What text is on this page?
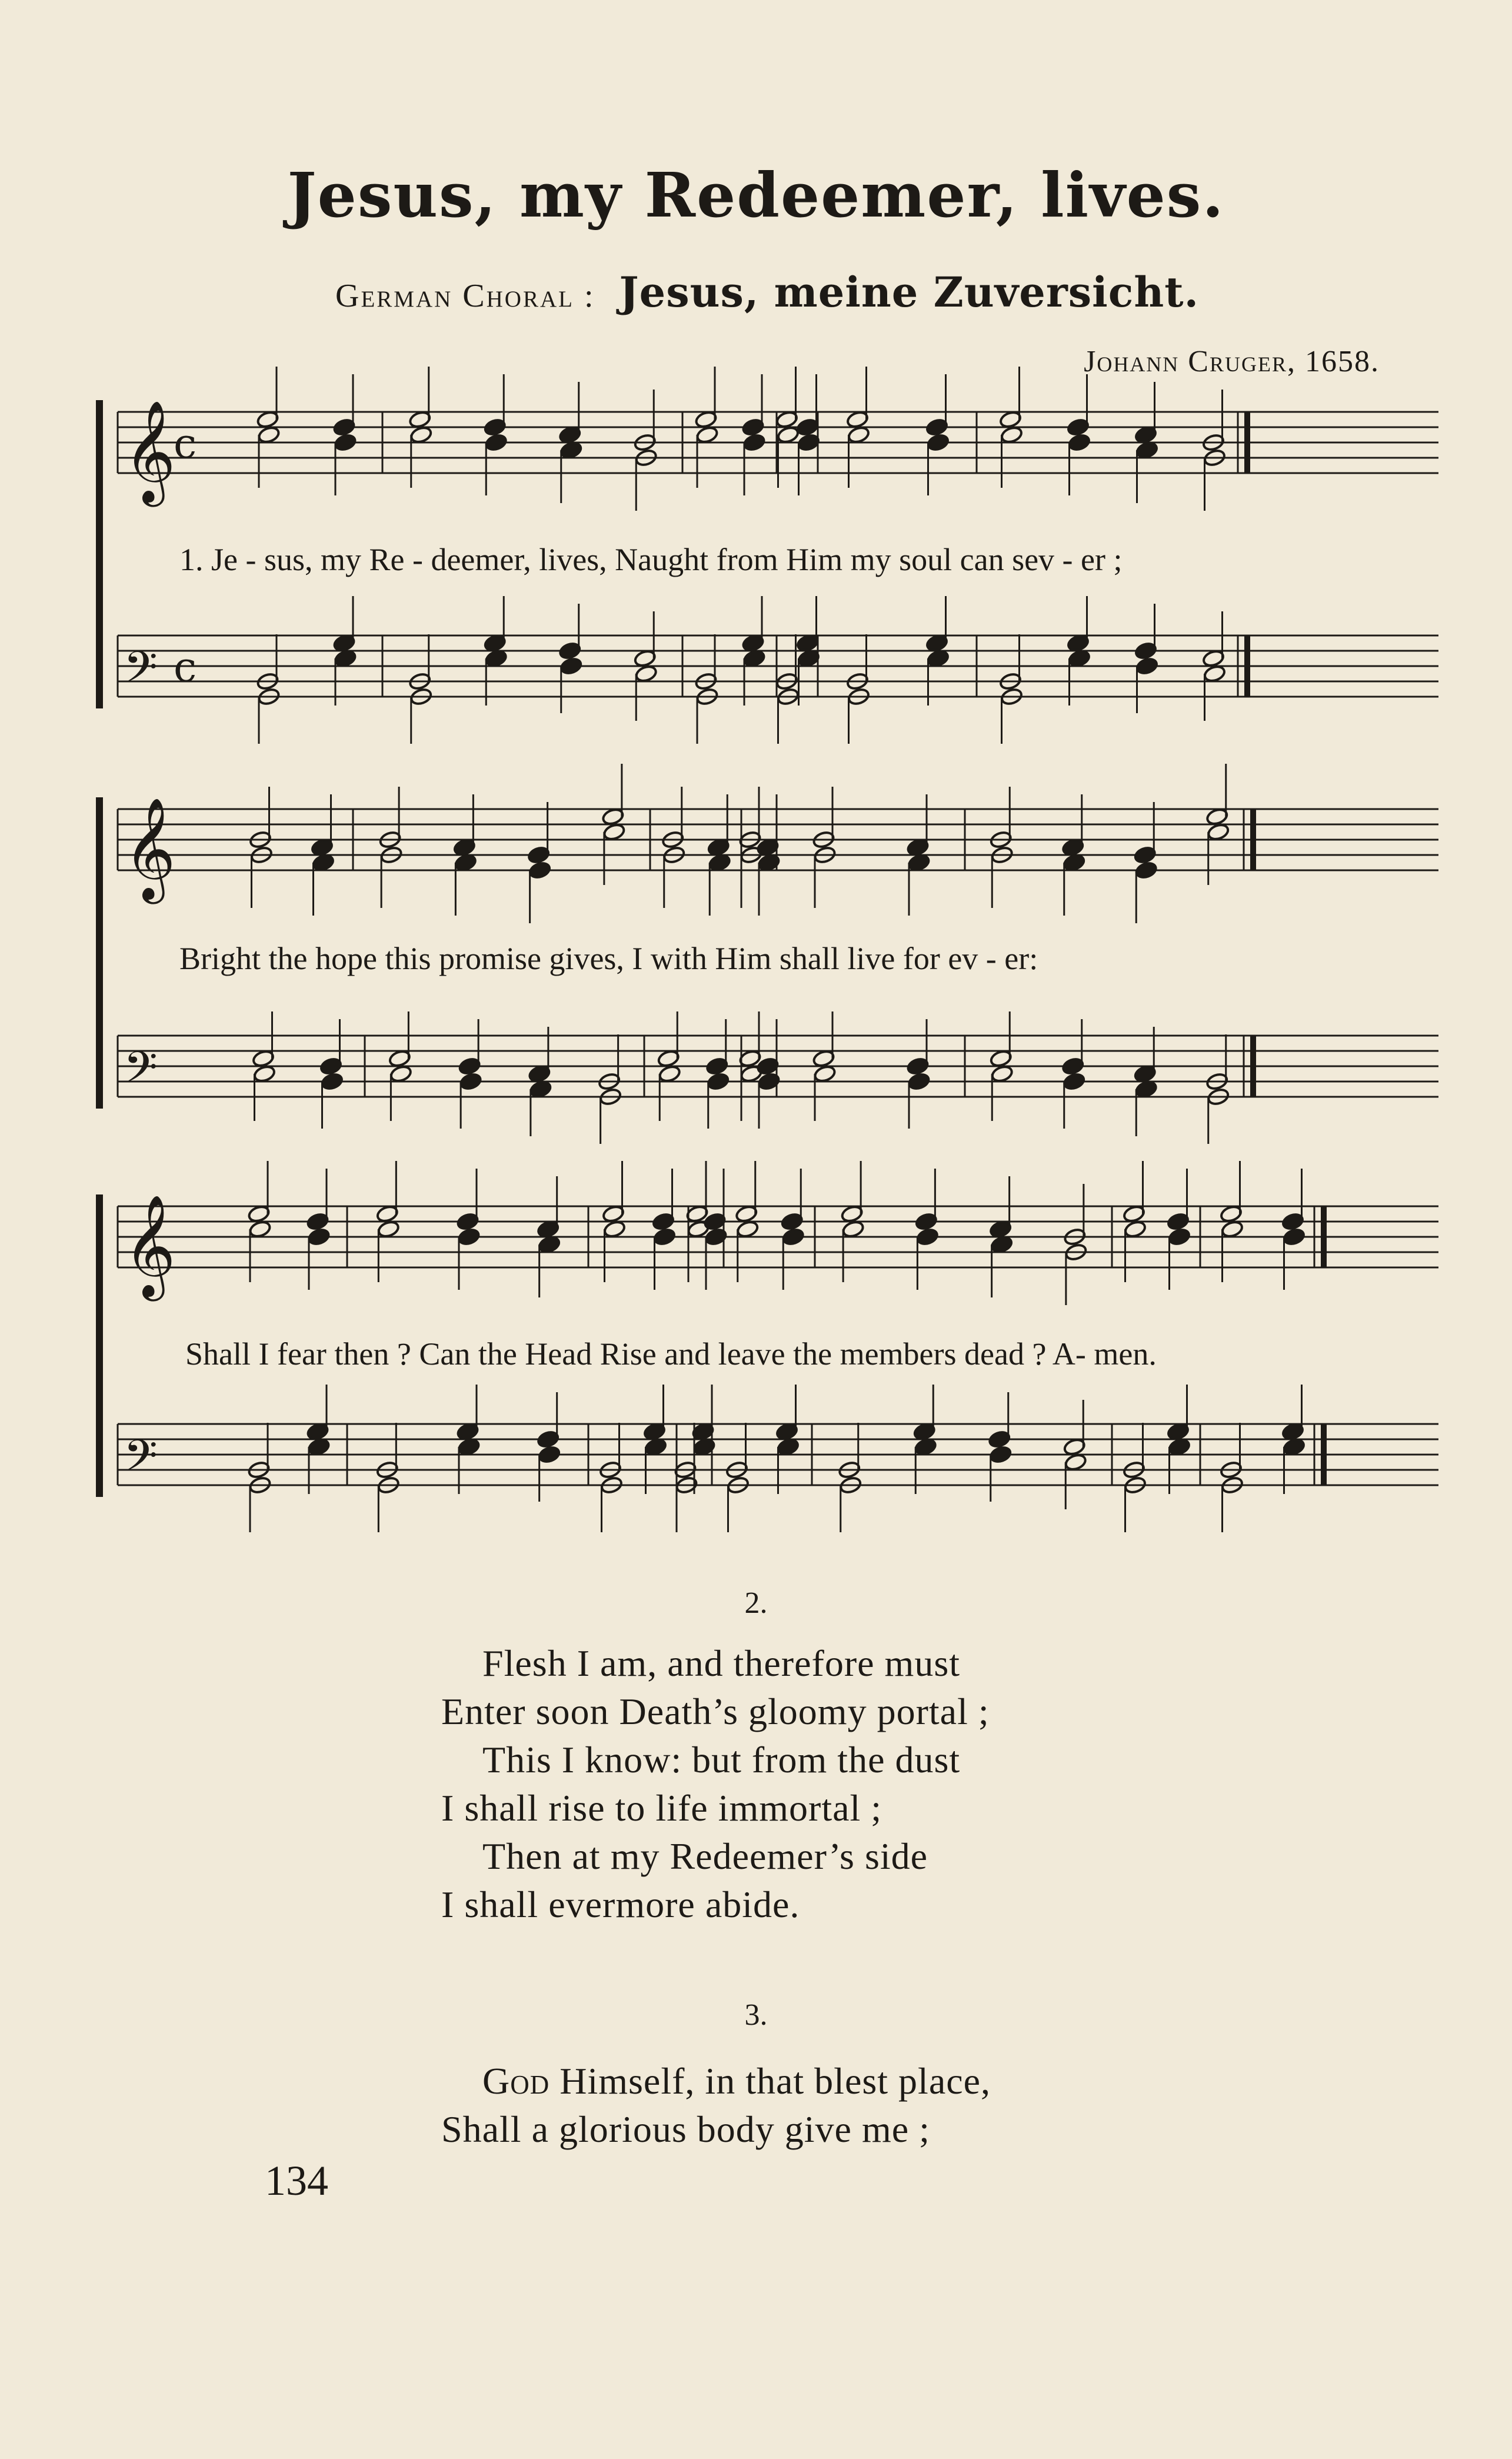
Jesus, my Redeemer, lives.
German Choral : Jesus, meine Zuversicht.
Johann Cruger, 1658.
𝄞
c
𝄢 c
𝄞
𝄢
𝄞
𝄢
1. Je - sus, my Re - deemer, lives, Naught from Him my soul can sev - er ;
Bright the hope this promise gives, I with Him shall live for ev - er:
Shall I fear then ? Can the Head Rise and leave the members dead ? A- men.
2.
Flesh I am, and therefore must
Enter soon Death’s gloomy portal ;
This I know: but from the dust
I shall rise to life immortal ;
Then at my Redeemer’s side
I shall evermore abide.
3.
God Himself, in that blest place,
Shall a glorious body give me ;
134
